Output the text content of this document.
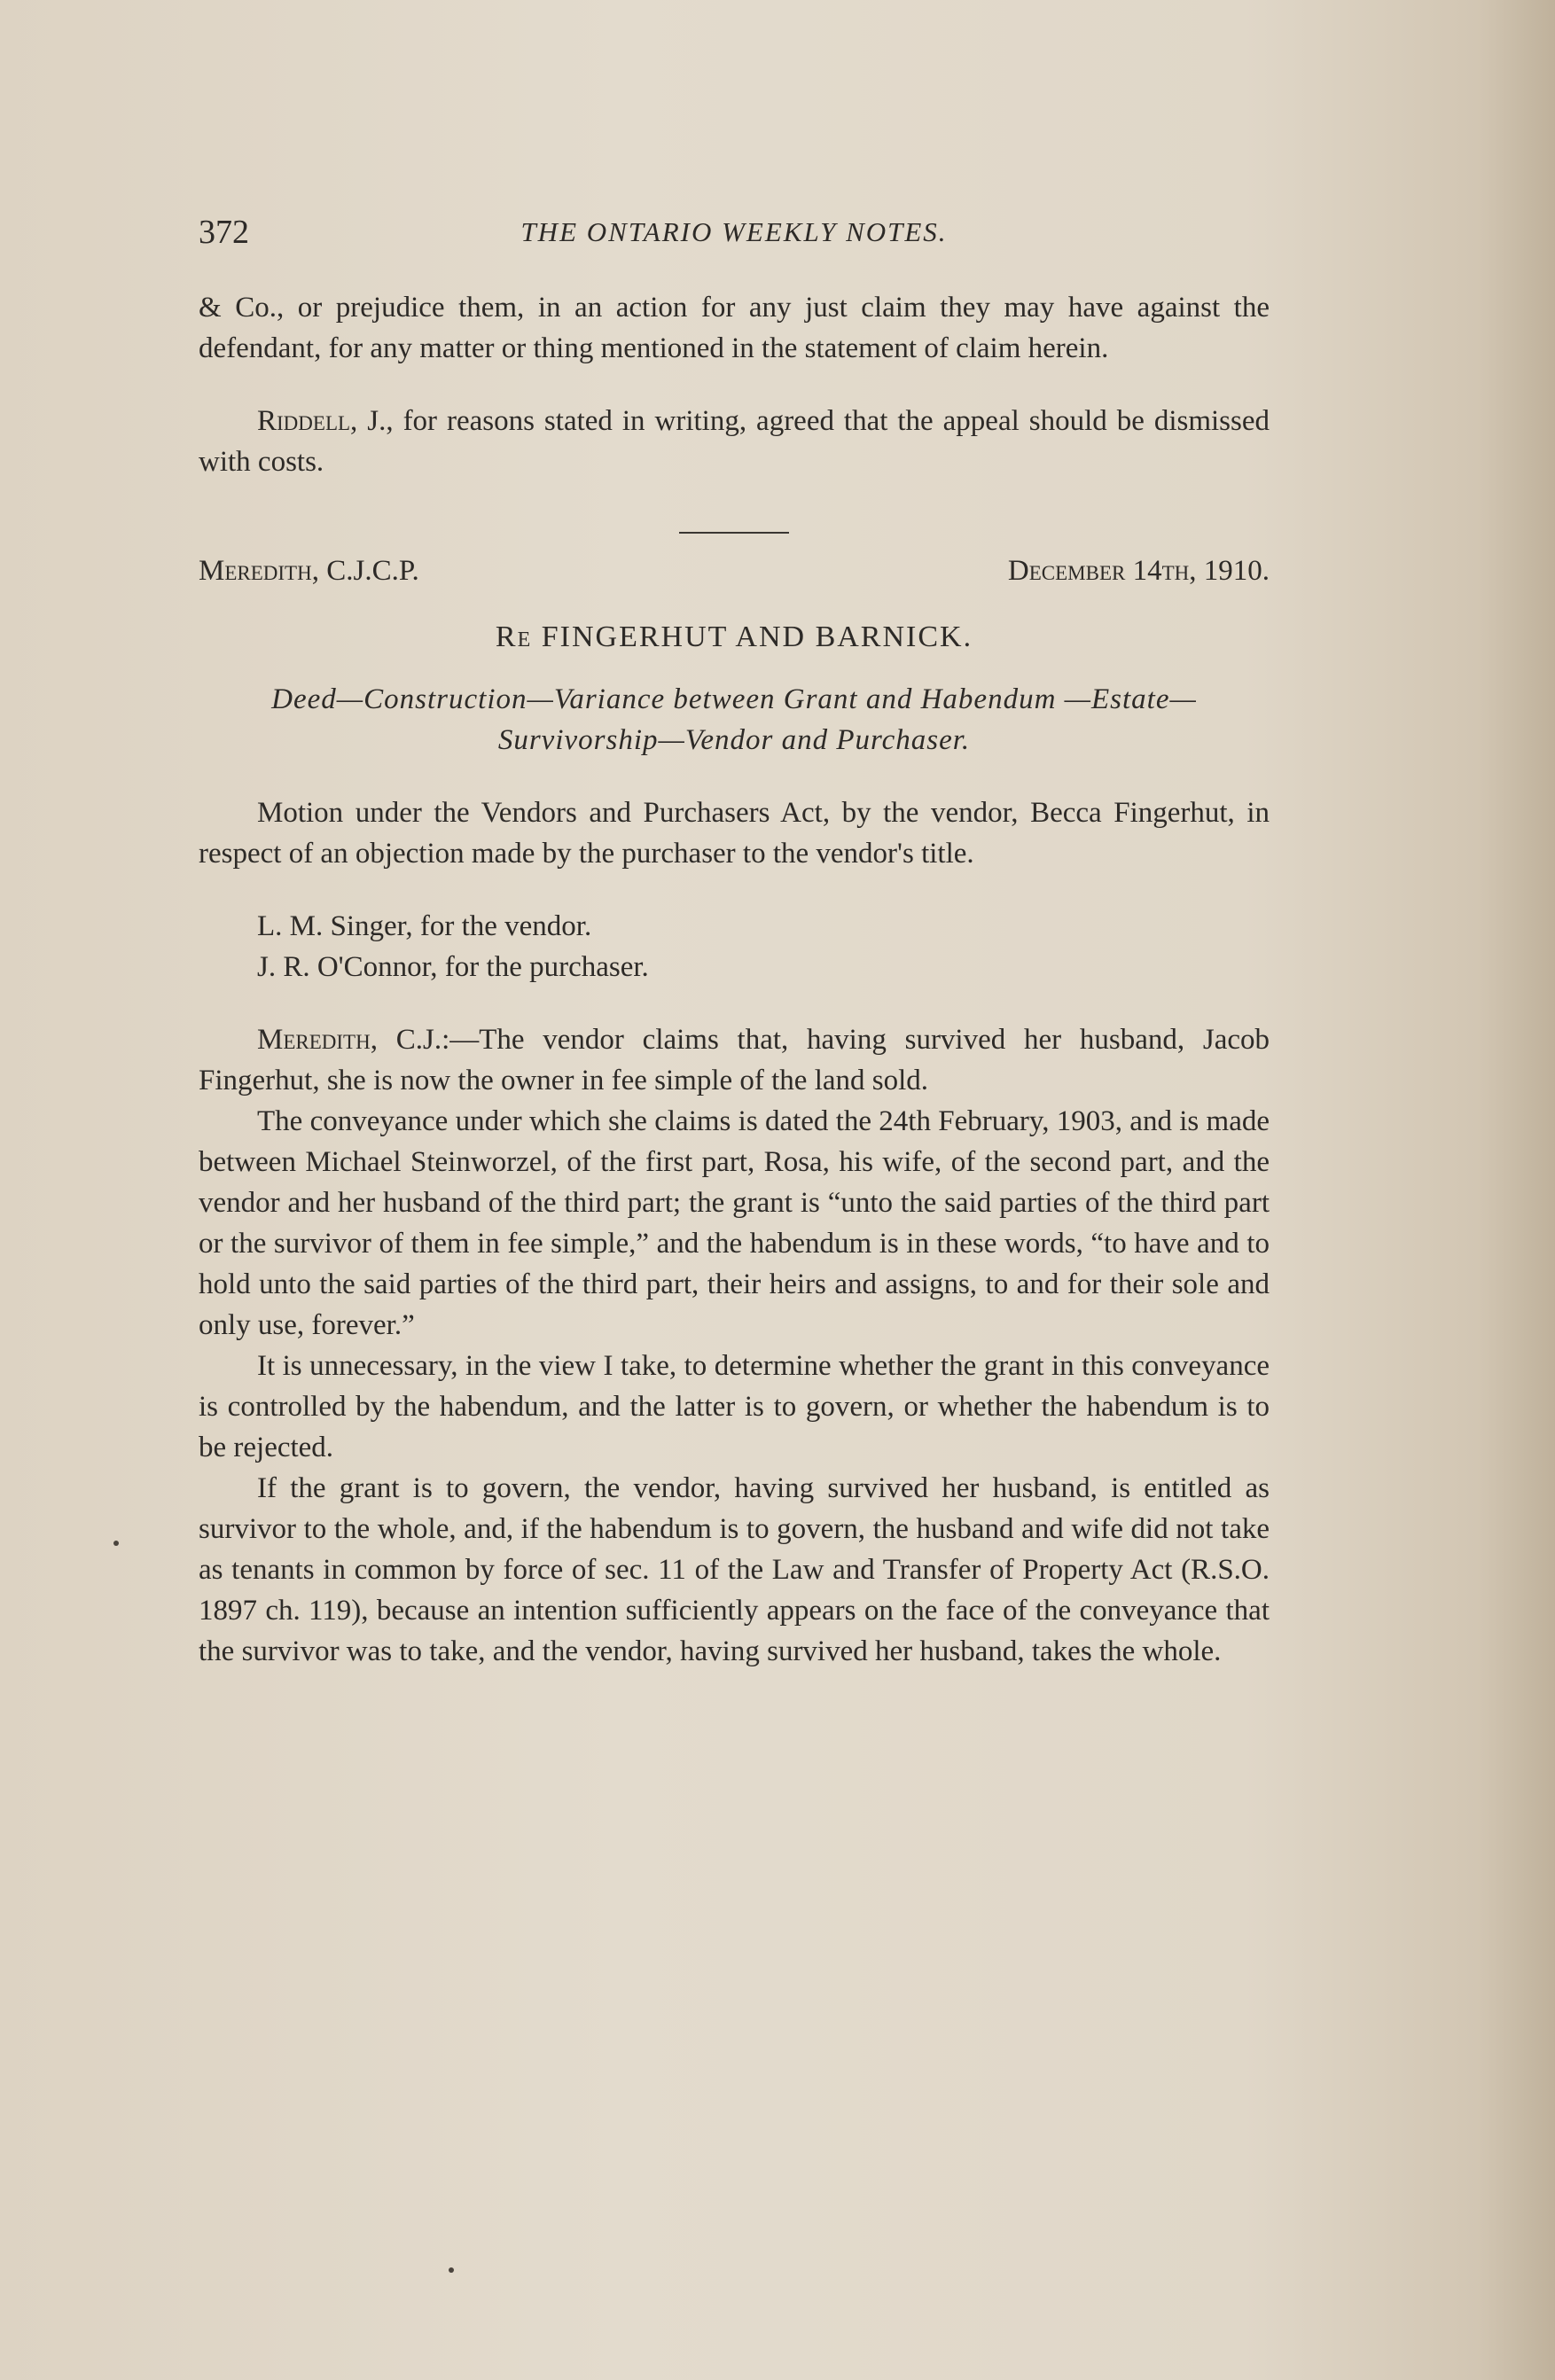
372	THE ONTARIO WEEKLY NOTES.

& Co., or prejudice them, in an action for any just claim they may have against the defendant, for any matter or thing mentioned in the statement of claim herein.

Riddell, J., for reasons stated in writing, agreed that the appeal should be dismissed with costs.

Meredith, C.J.C.P.	December 14th, 1910.
Re FINGERHUT AND BARNICK.
Deed—Construction—Variance between Grant and Habendum —Estate—Survivorship—Vendor and Purchaser.

Motion under the Vendors and Purchasers Act, by the vendor, Becca Fingerhut, in respect of an objection made by the purchaser to the vendor's title.

L. M. Singer, for the vendor.

J. R. O'Connor, for the purchaser.

Meredith, C.J.:—The vendor claims that, having survived her husband, Jacob Fingerhut, she is now the owner in fee simple of the land sold.

The conveyance under which she claims is dated the 24th February, 1903, and is made between Michael Steinworzel, of the first part, Rosa, his wife, of the second part, and the vendor and her husband of the third part; the grant is “unto the said parties of the third part or the survivor of them in fee simple,” and the habendum is in these words, “to have and to hold unto the said parties of the third part, their heirs and assigns, to and for their sole and only use, forever.”

It is unnecessary, in the view I take, to determine whether the grant in this conveyance is controlled by the habendum, and the latter is to govern, or whether the habendum is to be rejected.

If the grant is to govern, the vendor, having survived her husband, is entitled as survivor to the whole, and, if the habendum is to govern, the husband and wife did not take as tenants in common by force of sec. 11 of the Law and Transfer of Property Act (R.S.O. 1897 ch. 119), because an intention sufficiently appears on the face of the conveyance that the survivor was to take, and the vendor, having survived her husband, takes the whole.
